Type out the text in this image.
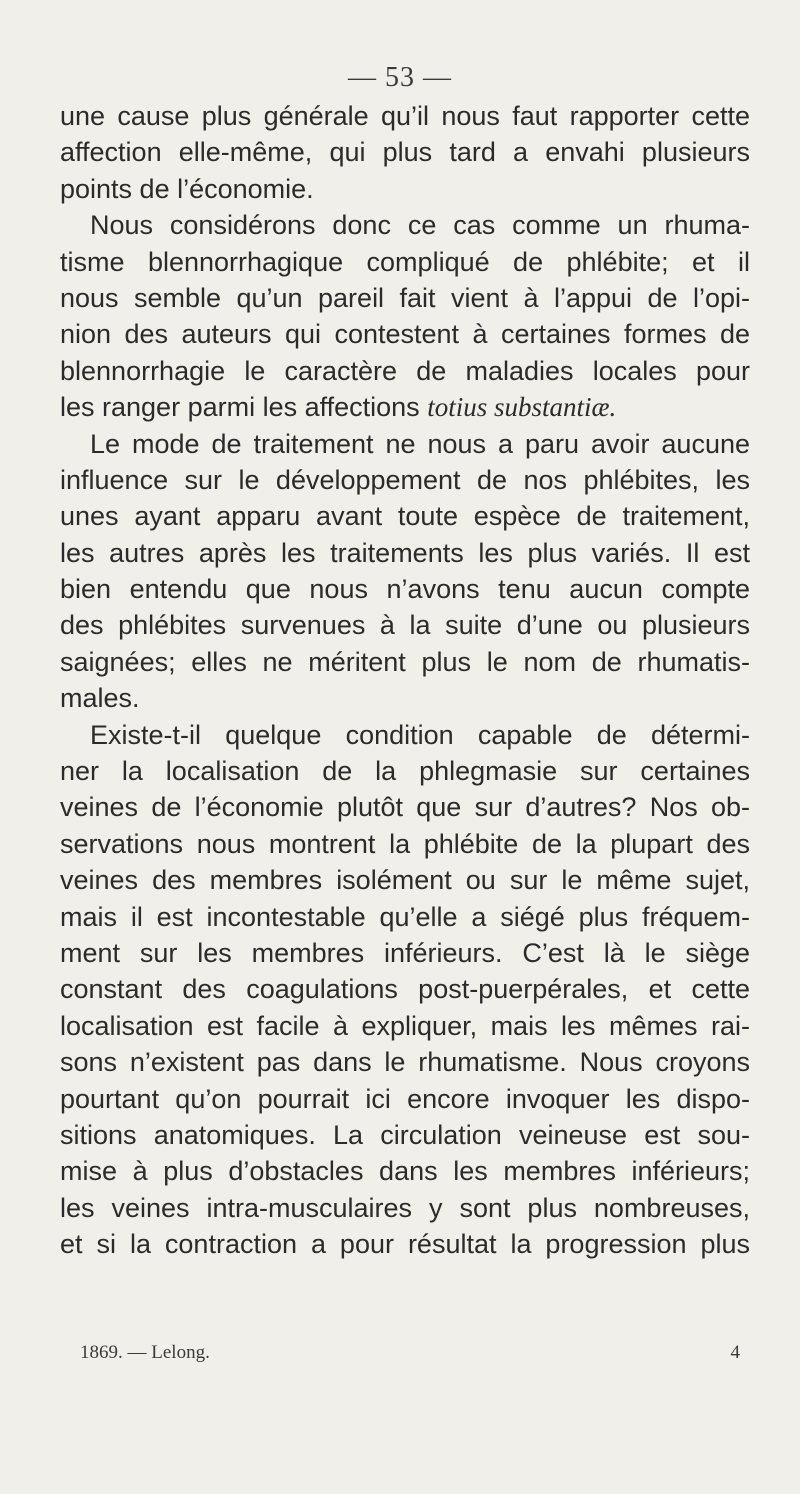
— 53 —
une cause plus générale qu’il nous faut rapporter cette
affection elle-même, qui plus tard a envahi plusieurs
points de l’économie.
Nous considérons donc ce cas comme un rhuma-
tisme blennorrhagique compliqué de phlébite; et il
nous semble qu’un pareil fait vient à l’appui de l’opi-
nion des auteurs qui contestent à certaines formes de
blennorrhagie le caractère de maladies locales pour
les ranger parmi les affections totius substantiæ.
Le mode de traitement ne nous a paru avoir aucune
influence sur le développement de nos phlébites, les
unes ayant apparu avant toute espèce de traitement,
les autres après les traitements les plus variés. Il est
bien entendu que nous n’avons tenu aucun compte
des phlébites survenues à la suite d’une ou plusieurs
saignées; elles ne méritent plus le nom de rhumatis-
males.
Existe-t-il quelque condition capable de détermi-
ner la localisation de la phlegmasie sur certaines
veines de l’économie plutôt que sur d’autres? Nos ob-
servations nous montrent la phlébite de la plupart des
veines des membres isolément ou sur le même sujet,
mais il est incontestable qu’elle a siégé plus fréquem-
ment sur les membres inférieurs. C’est là le siège
constant des coagulations post-puerpérales, et cette
localisation est facile à expliquer, mais les mêmes rai-
sons n’existent pas dans le rhumatisme. Nous croyons
pourtant qu’on pourrait ici encore invoquer les dispo-
sitions anatomiques. La circulation veineuse est sou-
mise à plus d’obstacles dans les membres inférieurs;
les veines intra-musculaires y sont plus nombreuses,
et si la contraction a pour résultat la progression plus
1869. — Lelong.	4
